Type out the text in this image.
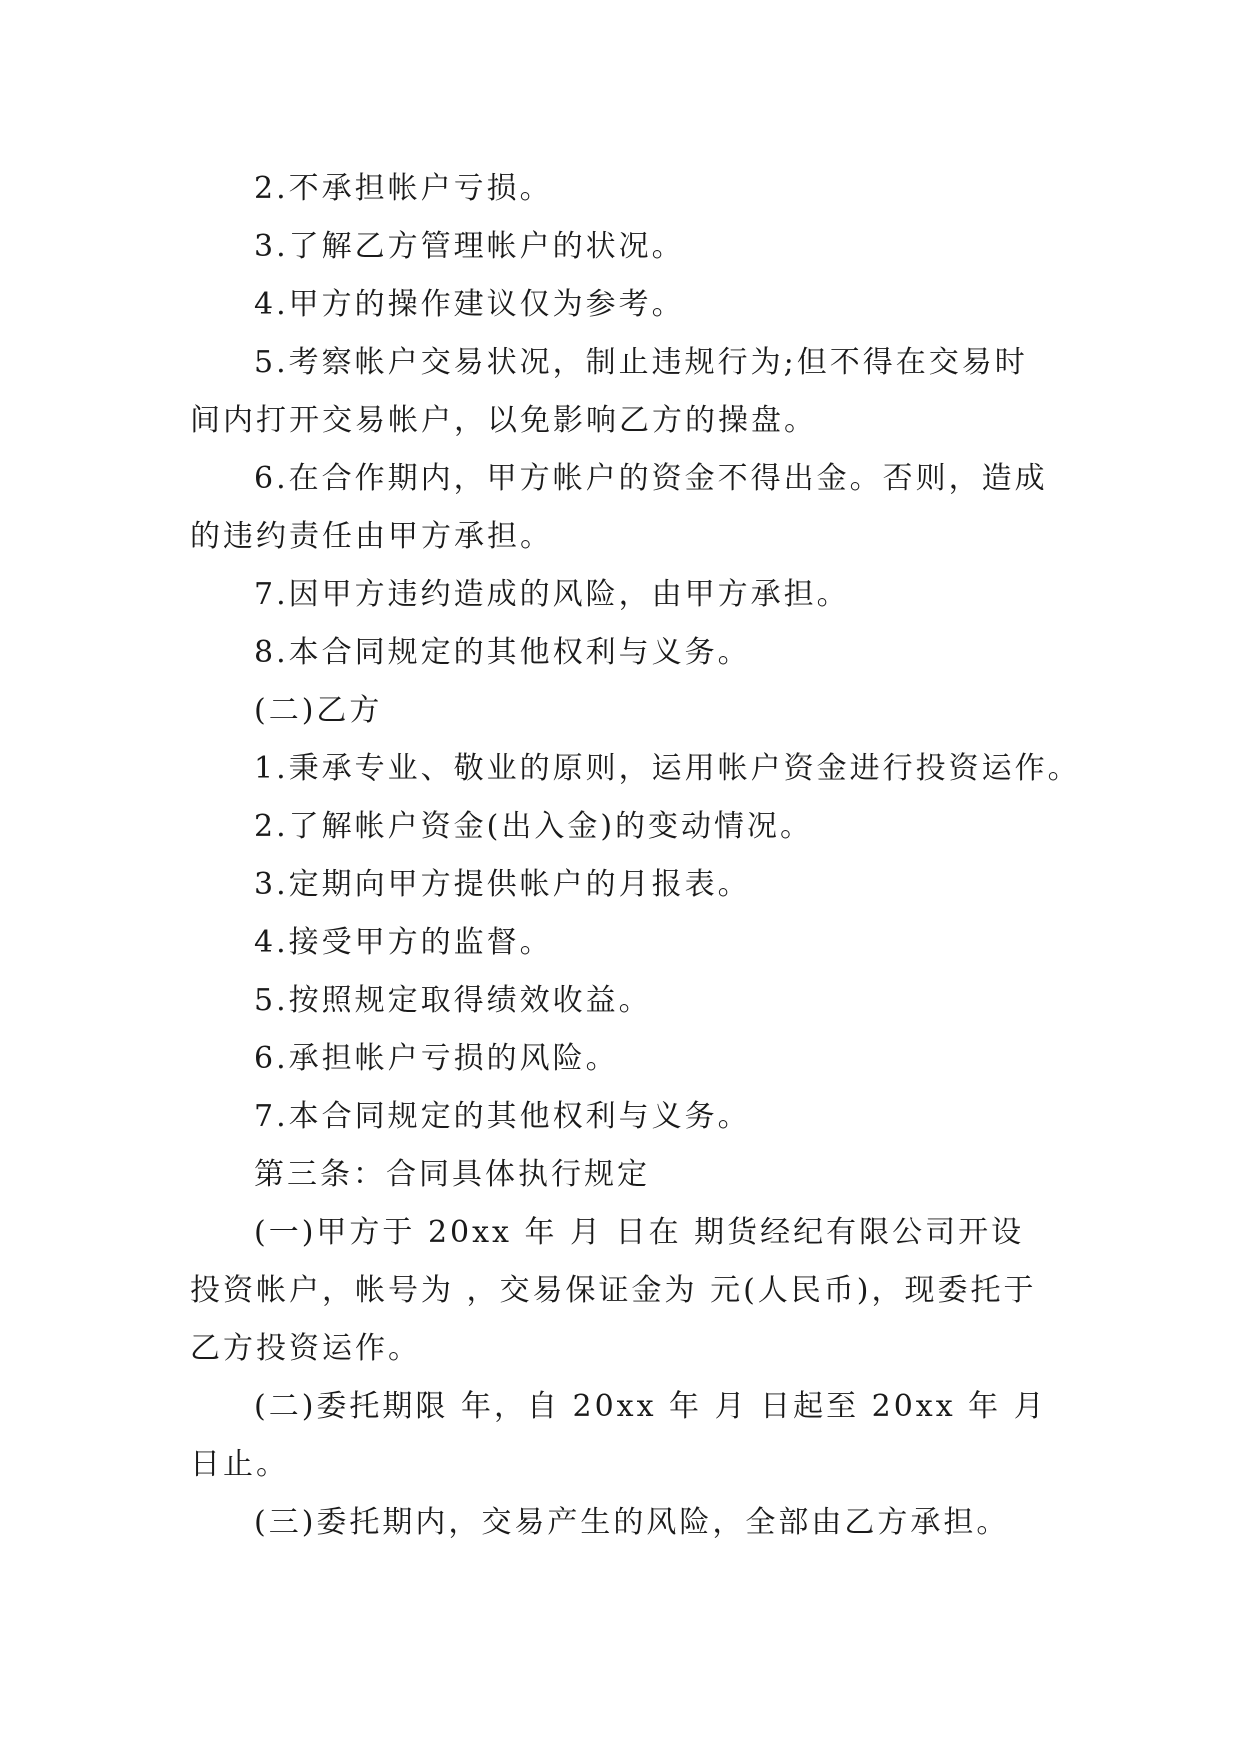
2.不承担帐户亏损。

3.了解乙方管理帐户的状况。

4.甲方的操作建议仅为参考。

5.考察帐户交易状况，制止违规行为;但不得在交易时

间内打开交易帐户，以免影响乙方的操盘。

6.在合作期内，甲方帐户的资金不得出金。否则，造成

的违约责任由甲方承担。

7.因甲方违约造成的风险，由甲方承担。

8.本合同规定的其他权利与义务。

(二)乙方

1.秉承专业、敬业的原则，运用帐户资金进行投资运作。

2.了解帐户资金(出入金)的变动情况。

3.定期向甲方提供帐户的月报表。

4.接受甲方的监督。

5.按照规定取得绩效收益。

6.承担帐户亏损的风险。

7.本合同规定的其他权利与义务。

第三条：合同具体执行规定

(一)甲方于 20xx 年 月 日在 期货经纪有限公司开设

投资帐户，帐号为 ，交易保证金为 元(人民币)，现委托于

乙方投资运作。

(二)委托期限 年，自 20xx 年 月 日起至 20xx 年 月

日止。

(三)委托期内，交易产生的风险，全部由乙方承担。
